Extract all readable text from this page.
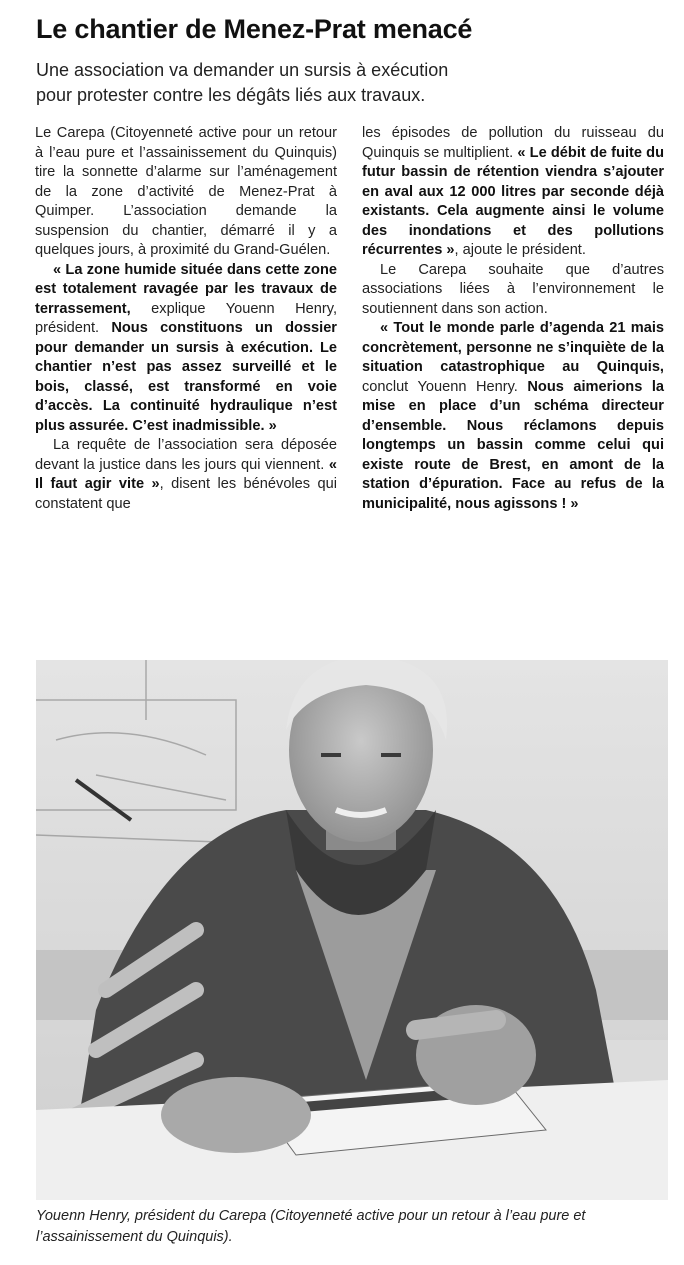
Le chantier de Menez-Prat menacé
Une association va demander un sursis à exécution
pour protester contre les dégâts liés aux travaux.

Le Carepa (Citoyenneté active pour un retour à l’eau pure et l’assainissement du Quinquis) tire la sonnette d’alarme sur l’aménagement de la zone d’activité de Menez-Prat à Quimper. L’association demande la suspension du chantier, démarré il y a quelques jours, à proximité du Grand-Guélen.

« La zone humide située dans cette zone est totalement ravagée par les travaux de terrassement, explique Youenn Henry, président. Nous constituons un dossier pour demander un sursis à exécution. Le chantier n’est pas assez surveillé et le bois, classé, est transformé en voie d’accès. La continuité hydraulique n’est plus assurée. C’est inadmissible. »

La requête de l’association sera déposée devant la justice dans les jours qui viennent. « Il faut agir vite », disent les bénévoles qui constatent que

les épisodes de pollution du ruisseau du Quinquis se multiplient. « Le débit de fuite du futur bassin de rétention viendra s’ajouter en aval aux 12 000 litres par seconde déjà existants. Cela augmente ainsi le volume des inondations et des pollutions récurrentes », ajoute le président.

Le Carepa souhaite que d’autres associations liées à l’environnement le soutiennent dans son action.

« Tout le monde parle d’agenda 21 mais concrètement, personne ne s’inquiète de la situation catastrophique au Quinquis, conclut Youenn Henry. Nous aimerions la mise en place d’un schéma directeur d’ensemble. Nous réclamons depuis longtemps un bassin comme celui qui existe route de Brest, en amont de la station d’épuration. Face au refus de la municipalité, nous agissons ! »

Youenn Henry, président du Carepa (Citoyenneté active pour un retour à l’eau pure et l’assainissement du Quinquis).
